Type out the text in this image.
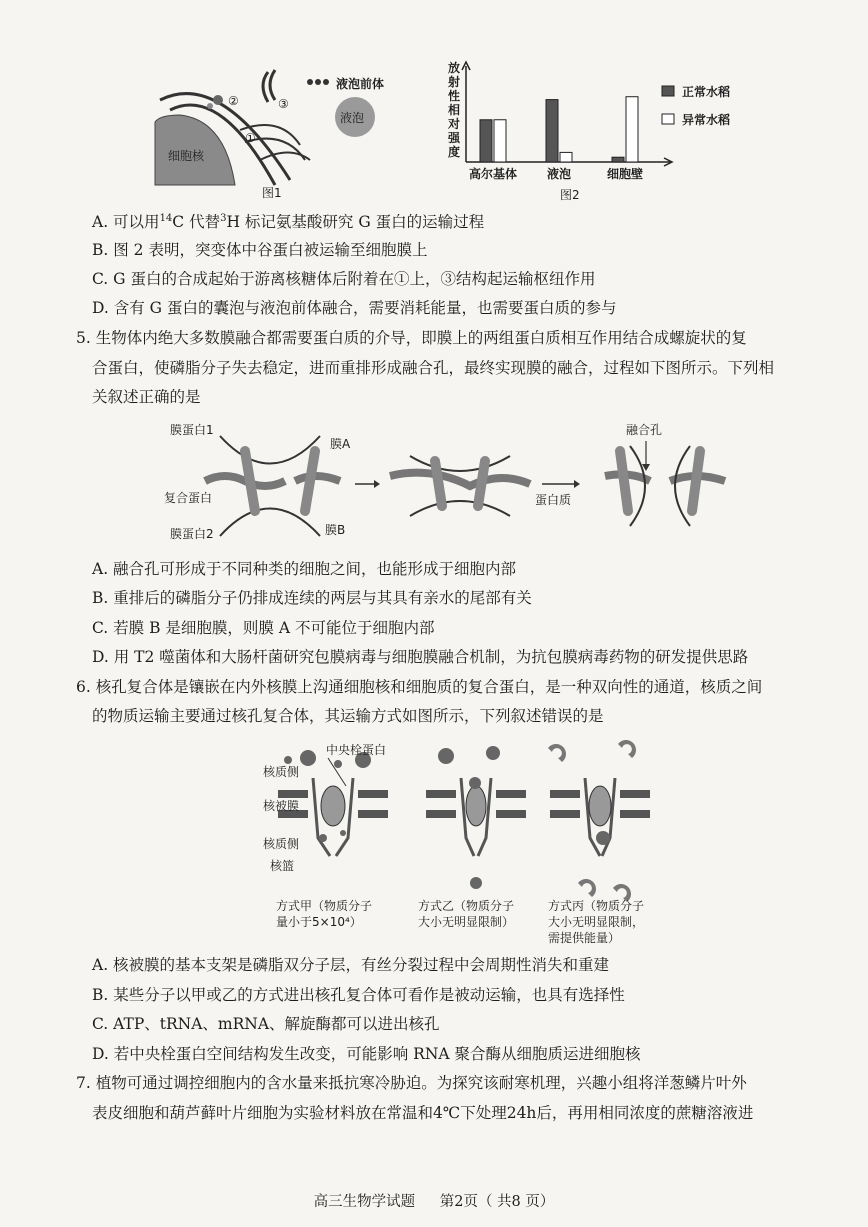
细胞核
液泡前体
液泡
①
②	③
图1
放
射
性
相
对
强
度
高尔基体 液泡	细胞壁
正常水稻
异常水稻
图2
A. 可以用$^{14}$C 代替$^3$H 标记氨基酸研究 G 蛋白的运输过程
B. 图 2 表明，突变体中谷蛋白被运输至细胞膜上
C. G 蛋白的合成起始于游离核糖体后附着在①上，③结构起运输枢纽作用
D. 含有 G 蛋白的囊泡与液泡前体融合，需要消耗能量，也需要蛋白质的参与
5. 生物体内绝大多数膜融合都需要蛋白质的介导，即膜上的两组蛋白质相互作用结合成螺旋状的复
合蛋白，使磷脂分子失去稳定，进而重排形成融合孔，最终实现膜的融合，过程如下图所示。下列相
关叙述正确的是
膜蛋白1
膜A
复合蛋白
膜蛋白2	膜B
蛋白质
融合孔
A. 融合孔可形成于不同种类的细胞之间，也能形成于细胞内部
B. 重排后的磷脂分子仍排成连续的两层与其具有亲水的尾部有关
C. 若膜 B 是细胞膜，则膜 A 不可能位于细胞内部
D. 用 T2 噬菌体和大肠杆菌研究包膜病毒与细胞膜融合机制，为抗包膜病毒药物的研发提供思路
6. 核孔复合体是镶嵌在内外核膜上沟通细胞核和细胞质的复合蛋白，是一种双向性的通道，核质之间
的物质运输主要通过核孔复合体，其运输方式如图所示，下列叙述错误的是
核质侧
核被膜
核质侧
核篮
中央栓蛋白
方式甲（物质分子
量小于5×10⁴）
方式乙（物质分子
大小无明显限制）
方式丙（物质分子
大小无明显限制，
需提供能量）
A. 核被膜的基本支架是磷脂双分子层，有丝分裂过程中会周期性消失和重建
B. 某些分子以甲或乙的方式进出核孔复合体可看作是被动运输，也具有选择性
C. ATP、tRNA、mRNA、解旋酶都可以进出核孔
D. 若中央栓蛋白空间结构发生改变，可能影响 RNA 聚合酶从细胞质运进细胞核
7. 植物可通过调控细胞内的含水量来抵抗寒冷胁迫。为探究该耐寒机理，兴趣小组将洋葱鳞片叶外
表皮细胞和葫芦藓叶片细胞为实验材料放在常温和4℃下处理24h后，再用相同浓度的蔗糖溶液进
高三生物学试题 第2页（ 共8 页）
